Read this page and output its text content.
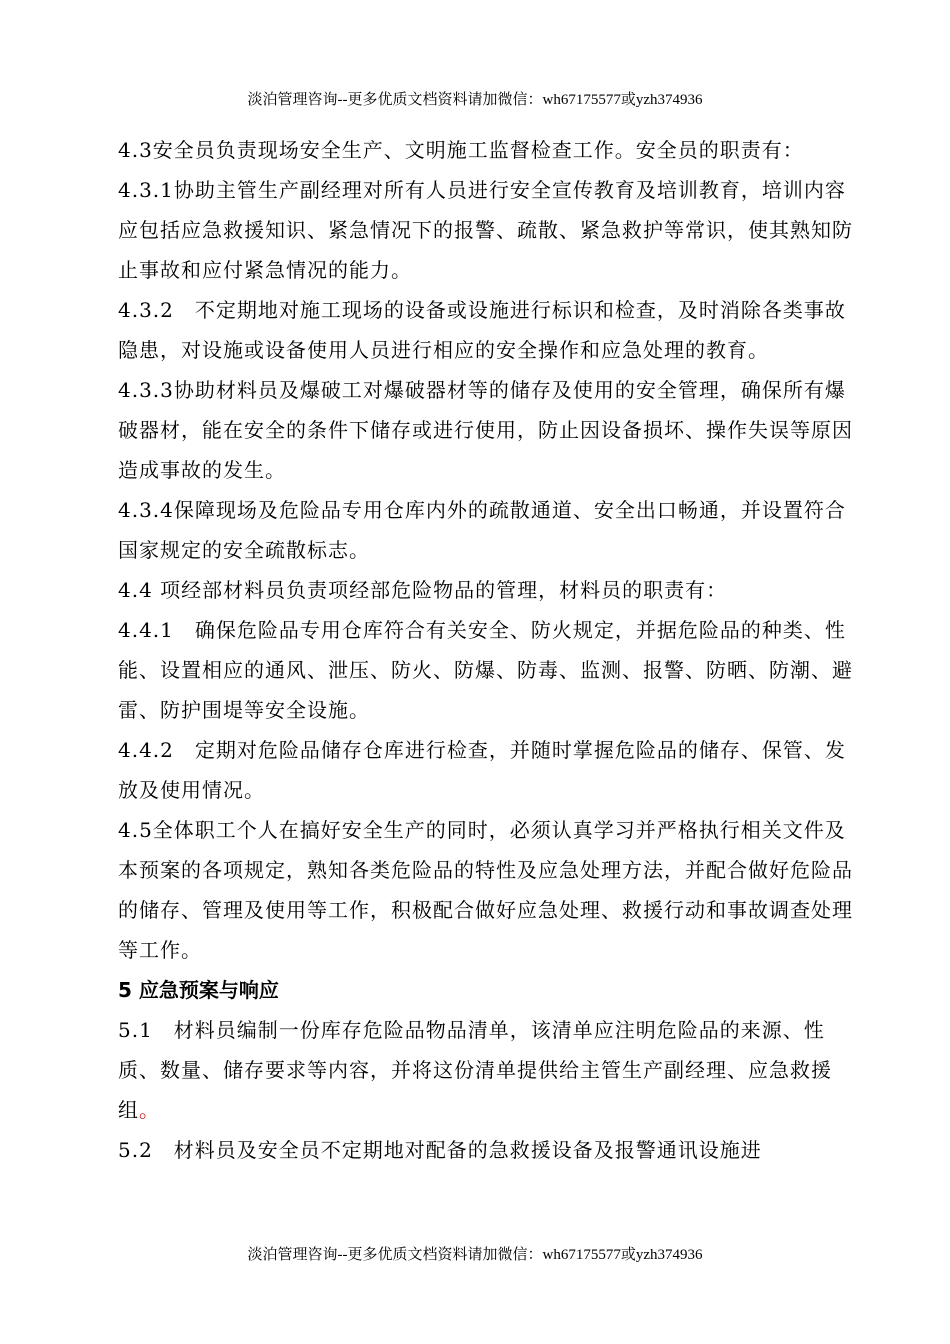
淡泊管理咨询--更多优质文档资料请加微信：wh67175577或yzh374936

4.3安全员负责现场安全生产、文明施工监督检查工作。安全员的职责有：

4.3.1协助主管生产副经理对所有人员进行安全宣传教育及培训教育，培训内容应包括应急救援知识、紧急情况下的报警、疏散、紧急救护等常识，使其熟知防止事故和应付紧急情况的能力。

4.3.2　不定期地对施工现场的设备或设施进行标识和检查，及时消除各类事故隐患，对设施或设备使用人员进行相应的安全操作和应急处理的教育。

4.3.3协助材料员及爆破工对爆破器材等的储存及使用的安全管理，确保所有爆破器材，能在安全的条件下储存或进行使用，防止因设备损坏、操作失误等原因造成事故的发生。

4.3.4保障现场及危险品专用仓库内外的疏散通道、安全出口畅通，并设置符合国家规定的安全疏散标志。

4.4 项经部材料员负责项经部危险物品的管理，材料员的职责有：

4.4.1　确保危险品专用仓库符合有关安全、防火规定，并据危险品的种类、性能、设置相应的通风、泄压、防火、防爆、防毒、监测、报警、防晒、防潮、避雷、防护围堤等安全设施。

4.4.2　定期对危险品储存仓库进行检查，并随时掌握危险品的储存、保管、发放及使用情况。

4.5全体职工个人在搞好安全生产的同时，必须认真学习并严格执行相关文件及本预案的各项规定，熟知各类危险品的特性及应急处理方法，并配合做好危险品的储存、管理及使用等工作，积极配合做好应急处理、救援行动和事故调查处理等工作。

5 应急预案与响应

5.1　材料员编制一份库存危险品物品清单，该清单应注明危险品的来源、性质、数量、储存要求等内容，并将这份清单提供给主管生产副经理、应急救援组。

5.2　材料员及安全员不定期地对配备的急救援设备及报警通讯设施进

淡泊管理咨询--更多优质文档资料请加微信：wh67175577或yzh374936
